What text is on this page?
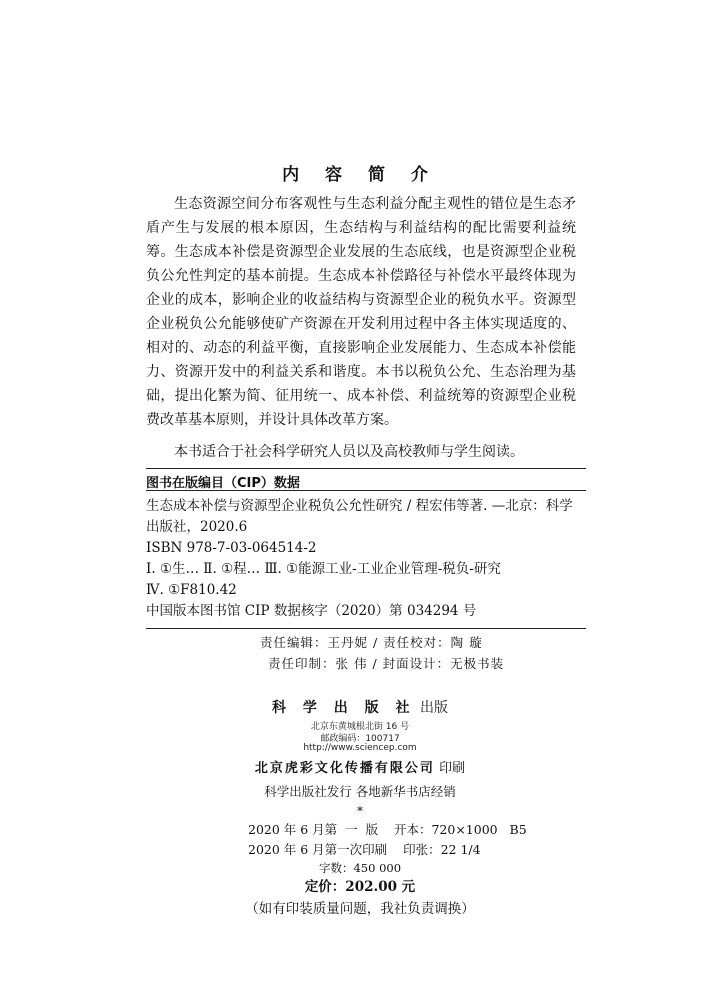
内 容 简 介

生态资源空间分布客观性与生态利益分配主观性的错位是生态矛盾产生与发展的根本原因，生态结构与利益结构的配比需要利益统筹。生态成本补偿是资源型企业发展的生态底线，也是资源型企业税负公允性判定的基本前提。生态成本补偿路径与补偿水平最终体现为企业的成本，影响企业的收益结构与资源型企业的税负水平。资源型企业税负公允能够使矿产资源在开发利用过程中各主体实现适度的、相对的、动态的利益平衡，直接影响企业发展能力、生态成本补偿能力、资源开发中的利益关系和谐度。本书以税负公允、生态治理为基础，提出化繁为简、征用统一、成本补偿、利益统筹的资源型企业税费改革基本原则，并设计具体改革方案。

本书适合于社会科学研究人员以及高校教师与学生阅读。

图书在版编目（CIP）数据
生态成本补偿与资源型企业税负公允性研究 / 程宏伟等著. —北京：科学
出版社，2020.6
ISBN 978-7-03-064514-2
Ⅰ. ①生… Ⅱ. ①程… Ⅲ. ①能源工业-工业企业管理-税负-研究
Ⅳ. ①F810.42
中国版本图书馆 CIP 数据核字（2020）第 034294 号
责任编辑：王丹妮 / 责任校对：陶 璇
责任印制：张 伟 / 封面设计：无极书装
科 学 出 版 社 出版
北京东黄城根北街 16 号
邮政编码：100717
http://www.sciencep.com
北京虎彩文化传播有限公司 印刷
科学出版社发行 各地新华书店经销
*
2020 年 6 月第  一  版    开本：720×1000   B5
2020 年 6 月第一次印刷    印张：22 1/4
字数：450 000
定价：202.00 元
（如有印装质量问题，我社负责调换）
